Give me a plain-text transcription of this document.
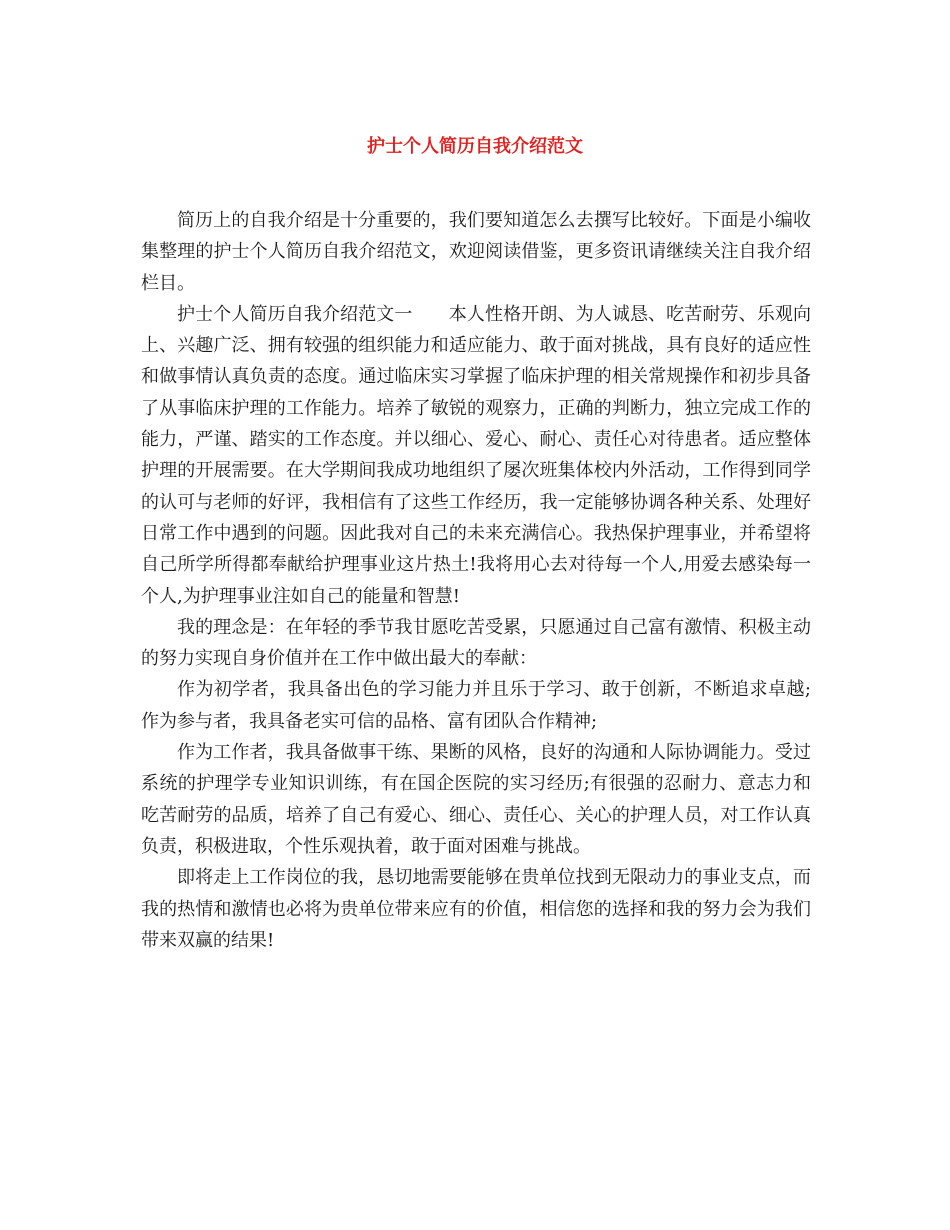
护士个人简历自我介绍范文

简历上的自我介绍是十分重要的，我们要知道怎么去撰写比较好。下面是小编收集整理的护士个人简历自我介绍范文，欢迎阅读借鉴，更多资讯请继续关注自我介绍栏目。

护士个人简历自我介绍范文一　　本人性格开朗、为人诚恳、吃苦耐劳、乐观向上、兴趣广泛、拥有较强的组织能力和适应能力、敢于面对挑战，具有良好的适应性和做事情认真负责的态度。通过临床实习掌握了临床护理的相关常规操作和初步具备了从事临床护理的工作能力。培养了敏锐的观察力，正确的判断力，独立完成工作的能力，严谨、踏实的工作态度。并以细心、爱心、耐心、责任心对待患者。适应整体护理的开展需要。在大学期间我成功地组织了屡次班集体校内外活动，工作得到同学的认可与老师的好评，我相信有了这些工作经历，我一定能够协调各种关系、处理好日常工作中遇到的问题。因此我对自己的未来充满信心。我热保护理事业，并希望将自己所学所得都奉献给护理事业这片热土!我将用心去对待每一个人,用爱去感染每一个人,为护理事业注如自己的能量和智慧!

我的理念是：在年轻的季节我甘愿吃苦受累，只愿通过自己富有激情、积极主动的努力实现自身价值并在工作中做出最大的奉献：

作为初学者，我具备出色的学习能力并且乐于学习、敢于创新，不断追求卓越;作为参与者，我具备老实可信的品格、富有团队合作精神;

作为工作者，我具备做事干练、果断的风格，良好的沟通和人际协调能力。受过系统的护理学专业知识训练，有在国企医院的实习经历;有很强的忍耐力、意志力和吃苦耐劳的品质，培养了自己有爱心、细心、责任心、关心的护理人员，对工作认真负责，积极进取，个性乐观执着，敢于面对困难与挑战。

即将走上工作岗位的我，恳切地需要能够在贵单位找到无限动力的事业支点，而我的热情和激情也必将为贵单位带来应有的价值，相信您的选择和我的努力会为我们带来双赢的结果!
